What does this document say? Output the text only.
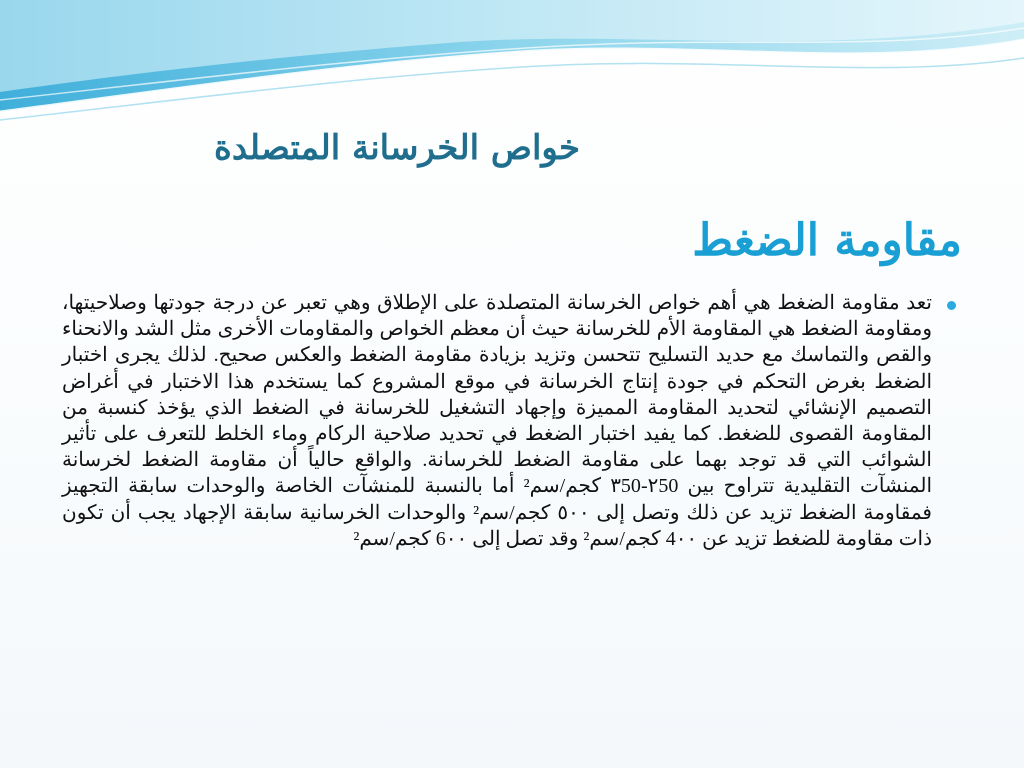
خواص الخرسانة المتصلدة
مقاومة الضغط
تعد مقاومة الضغط هي أهم خواص الخرسانة المتصلدة على الإطلاق وهي تعبر عن درجة جودتها وصلاحيتها، ومقاومة الضغط هي المقاومة الأم للخرسانة حيث أن معظم الخواص والمقاومات الأخرى مثل الشد والانحناء والقص والتماسك مع حديد التسليح تتحسن وتزيد بزيادة مقاومة الضغط والعكس صحيح. لذلك يجرى اختبار الضغط بغرض التحكم في جودة إنتاج الخرسانة في موقع المشروع كما يستخدم هذا الاختبار في أغراض التصميم الإنشائي لتحديد المقاومة المميزة وإجهاد التشغيل للخرسانة في الضغط الذي يؤخذ كنسبة من المقاومة القصوى للضغط. كما يفيد اختبار الضغط في تحديد صلاحية الركام وماء الخلط للتعرف على تأثير الشوائب التي قد توجد بهما على مقاومة الضغط للخرسانة. والواقع حالياً أن مقاومة الضغط لخرسانة المنشآت التقليدية تتراوح بين ٢50-٣50 كجم/سم² أما بالنسبة للمنشآت الخاصة والوحدات سابقة التجهيز فمقاومة الضغط تزيد عن ذلك وتصل إلى ٥٠٠ كجم/سم² والوحدات الخرسانية سابقة الإجهاد يجب أن تكون ذات مقاومة للضغط تزيد عن 4٠٠ كجم/سم² وقد تصل إلى 6٠٠ كجم/سم²
